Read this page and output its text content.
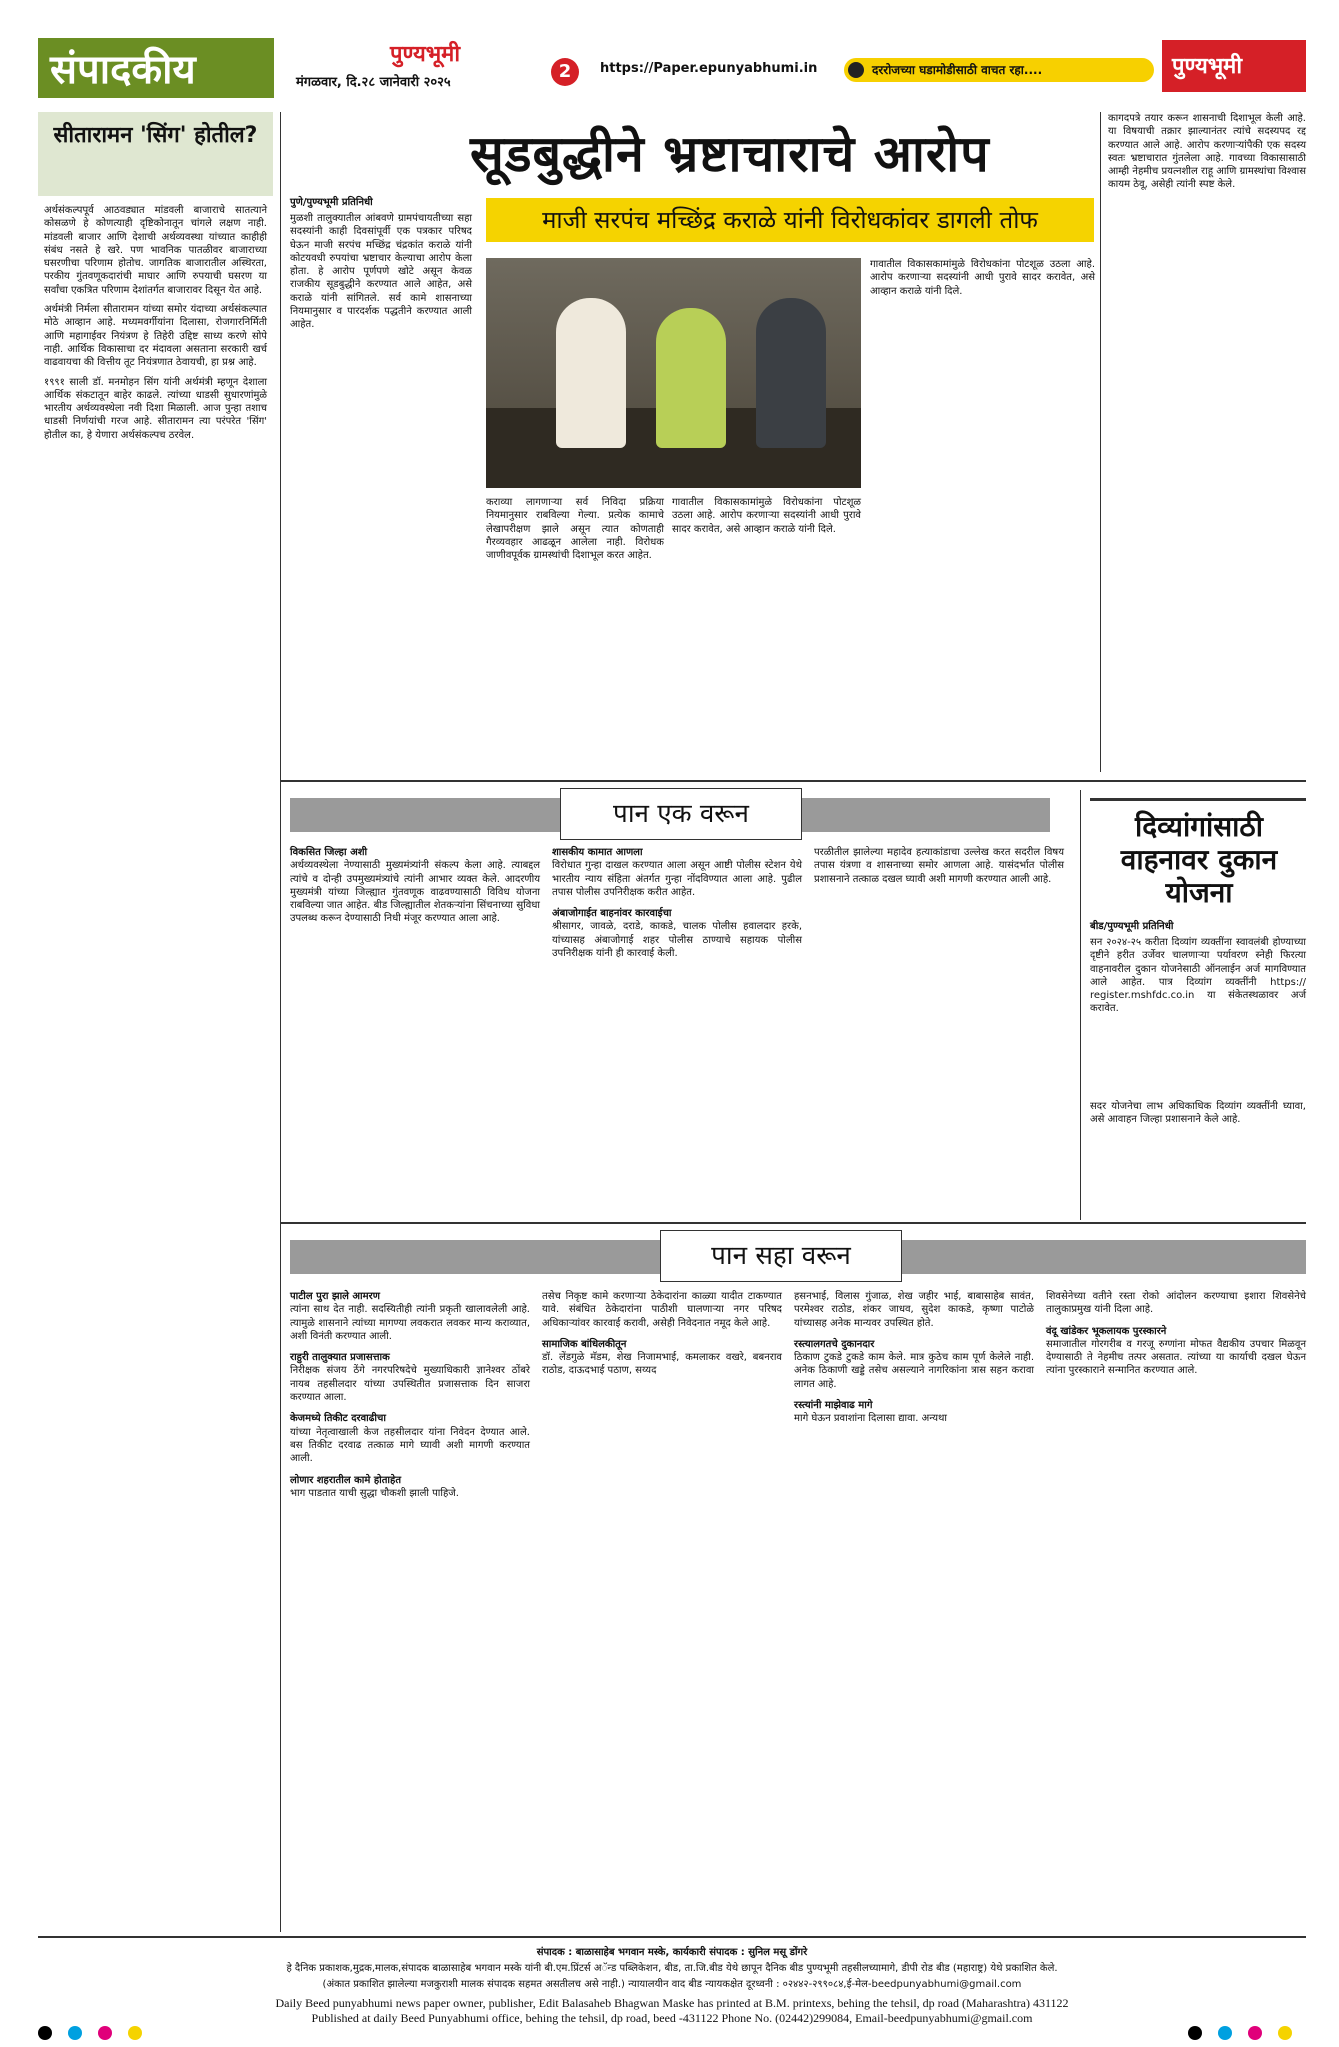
संपादकीय	पुण्यभूमी
मंगळवार, दि.२८ जानेवारी २०२५
2	https://Paper.epunyabhumi.in	दररोजच्या घडामोडीसाठी वाचत रहा....	पुण्यभूमी
सीतारामन 'सिंग' होतील?

अर्थसंकल्पपूर्व आठवड्यात मांडवली बाजाराचे सातत्याने कोसळणे हे कोणत्याही दृष्टिकोनातून चांगले लक्षण नाही. मांडवली बाजार आणि देशाची अर्थव्यवस्था यांच्यात काहीही संबंध नसते हे खरे. पण भावनिक पातळीवर बाजाराच्या घसरणीचा परिणाम होतोच. जागतिक बाजारातील अस्थिरता, परकीय गुंतवणूकदारांची माघार आणि रुपयाची घसरण या सर्वांचा एकत्रित परिणाम देशांतर्गत बाजारावर दिसून येत आहे.

अर्थमंत्री निर्मला सीतारामन यांच्या समोर यंदाच्या अर्थसंकल्पात मोठे आव्हान आहे. मध्यमवर्गीयांना दिलासा, रोजगारनिर्मिती आणि महागाईवर नियंत्रण हे तिहेरी उद्दिष्ट साध्य करणे सोपे नाही. आर्थिक विकासाचा दर मंदावला असताना सरकारी खर्च वाढवायचा की वित्तीय तूट नियंत्रणात ठेवायची, हा प्रश्न आहे.

१९९१ साली डॉ. मनमोहन सिंग यांनी अर्थमंत्री म्हणून देशाला आर्थिक संकटातून बाहेर काढले. त्यांच्या धाडसी सुधारणांमुळे भारतीय अर्थव्यवस्थेला नवी दिशा मिळाली. आज पुन्हा तशाच धाडसी निर्णयांची गरज आहे. सीतारामन त्या परंपरेत 'सिंग' होतील का, हे येणारा अर्थसंकल्पच ठरवेल.

सूडबुद्धीने भ्रष्टाचाराचे आरोप
माजी सरपंच मच्छिंद्र कराळे यांनी विरोधकांवर डागली तोफ
पुणे/पुण्यभूमी प्रतिनिधी
मुळशी तालुक्यातील आंबवणे ग्रामपंचायतीच्या सहा सदस्यांनी काही दिवसांपूर्वी एक पत्रकार परिषद घेऊन माजी सरपंच मच्छिंद्र चंद्रकांत कराळे यांनी कोटयवधी रुपयांचा भ्रष्टाचार केल्याचा आरोप केला होता. हे आरोप पूर्णपणे खोटे असून केवळ राजकीय सूडबुद्धीने करण्यात आले आहेत, असे कराळे यांनी सांगितले. सर्व कामे शासनाच्या नियमानुसार व पारदर्शक पद्धतीने करण्यात आली आहेत.
कराव्या लागणाऱ्या सर्व निविदा प्रक्रिया नियमानुसार राबविल्या गेल्या. प्रत्येक कामाचे लेखापरीक्षण झाले असून त्यात कोणताही गैरव्यवहार आढळून आलेला नाही. विरोधक जाणीवपूर्वक ग्रामस्थांची दिशाभूल करत आहेत.
गावातील विकासकामांमुळे विरोधकांना पोटशूळ उठला आहे. आरोप करणाऱ्या सदस्यांनी आधी पुरावे सादर करावेत, असे आव्हान कराळे यांनी दिले.
गावातील विकासकामांमुळे विरोधकांना पोटशूळ उठला आहे. आरोप करणाऱ्या सदस्यांनी आधी पुरावे सादर करावेत, असे आव्हान कराळे यांनी दिले.
कागदपत्रे तयार करून शासनाची दिशाभूल केली आहे. या विषयाची तक्रार झाल्यानंतर त्यांचे सदस्यपद रद्द करण्यात आले आहे. आरोप करणाऱ्यांपैकी एक सदस्य स्वतः भ्रष्टाचारात गुंतलेला आहे. गावच्या विकासासाठी आम्ही नेहमीच प्रयत्नशील राहू आणि ग्रामस्थांचा विश्वास कायम ठेवू, असेही त्यांनी स्पष्ट केले.
पान एक वरून
विकसित जिल्हा अशी
अर्थव्यवस्थेला नेण्यासाठी मुख्यमंत्र्यांनी संकल्प केला आहे. त्याबद्दल त्यांचे व दोन्ही उपमुख्यमंत्र्यांचे त्यांनी आभार व्यक्त केले. आदरणीय मुख्यमंत्री यांच्या जिल्ह्यात गुंतवणूक वाढवण्यासाठी विविध योजना राबविल्या जात आहेत. बीड जिल्ह्यातील शेतकऱ्यांना सिंचनाच्या सुविधा उपलब्ध करून देण्यासाठी निधी मंजूर करण्यात आला आहे.
शासकीय कामात आणला
विरोधात गुन्हा दाखल करण्यात आला असून आष्टी पोलीस स्टेशन येथे भारतीय न्याय संहिता अंतर्गत गुन्हा नोंदविण्यात आला आहे. पुढील तपास पोलीस उपनिरीक्षक करीत आहेत.
अंबाजोगाईत बाहनांवर कारवाईचा
श्रीसागर, जावळे, दराडे, काकडे, चालक पोलीस हवालदार हरके, यांच्यासह अंबाजोगाई शहर पोलीस ठाण्याचे सहायक पोलीस उपनिरीक्षक यांनी ही कारवाई केली.
परळीतील झालेल्या महादेव हत्याकांडाचा उल्लेख करत सदरील विषय तपास यंत्रणा व शासनाच्या समोर आणला आहे. यासंदर्भात पोलीस प्रशासनाने तत्काळ दखल घ्यावी अशी मागणी करण्यात आली आहे.
दिव्यांगांसाठी वाहनावर दुकान योजना
बीड/पुण्यभूमी प्रतिनिधी
सन २०२४-२५ करीता दिव्यांग व्यक्तींना स्वावलंबी होण्याच्या दृष्टीने हरीत उर्जेवर चालणाऱ्या पर्यावरण स्नेही फिरत्या वाहनावरील दुकान योजनेसाठी ऑनलाईन अर्ज मागविण्यात आले आहेत. पात्र दिव्यांग व्यक्तींनी https:// register.mshfdc.co.in या संकेतस्थळावर अर्ज करावेत.
सदर योजनेचा लाभ अधिकाधिक दिव्यांग व्यक्तींनी घ्यावा, असे आवाहन जिल्हा प्रशासनाने केले आहे.
पान सहा वरून
पाटील पुरा झाले आमरण
त्यांना साथ देत नाही. सदस्यितीही त्यांनी प्रकृती खालावलेली आहे. त्यामुळे शासनाने त्यांच्या मागण्या लवकरात लवकर मान्य कराव्यात, अशी विनंती करण्यात आली.
राहुरी तालुक्यात प्रजासत्ताक
निरीक्षक संजय ठेंगे नगरपरिषदेचे मुख्याधिकारी ज्ञानेश्वर ठोंबरे नायब तहसीलदार यांच्या उपस्थितीत प्रजासत्ताक दिन साजरा करण्यात आला.
केजमध्ये तिकीट दरवाढीचा
यांच्या नेतृत्वाखाली केज तहसीलदार यांना निवेदन देण्यात आले. बस तिकीट दरवाढ तत्काळ मागे घ्यावी अशी मागणी करण्यात आली.
लोणार शहरातील कामे होताहेत
भाग पाडतात याची सुद्धा चौकशी झाली पाहिजे.
तसेच निकृष्ट कामे करणाऱ्या ठेकेदारांना काळ्या यादीत टाकण्यात यावे. संबंधित ठेकेदारांना पाठीशी घालणाऱ्या नगर परिषद अधिकाऱ्यांवर कारवाई करावी, असेही निवेदनात नमूद केले आहे.
सामाजिक बांधिलकीतून
डॉ. लेंडगुळे मॅडम, शेख निजामभाई, कमलाकर वखरे, बबनराव राठोड, दाऊदभाई पठाण, सय्यद
हसनभाई, विलास गुंजाळ, शेख जहीर भाई, बाबासाहेब सावंत, परमेश्वर राठोड, शंकर जाधव, सुदेश काकडे, कृष्णा पाटोळे यांच्यासह अनेक मान्यवर उपस्थित होते.
रस्त्यालगतचे दुकानदार
ठिकाण टुकडे टुकडे काम केले. मात्र कुठेच काम पूर्ण केलेले नाही. अनेक ठिकाणी खड्डे तसेच असल्याने नागरिकांना त्रास सहन करावा लागत आहे.
रस्त्यांनी माझेवाढ मागे
मागे घेऊन प्रवाशांना दिलासा द्यावा. अन्यथा
शिवसेनेच्या वतीने रस्ता रोको आंदोलन करण्याचा इशारा शिवसेनेचे तालुकाप्रमुख यांनी दिला आहे.
वंदू खांडेकर भूकलायक पुरस्कारने
समाजातील गोरगरीब व गरजू रुग्णांना मोफत वैद्यकीय उपचार मिळवून देण्यासाठी ते नेहमीच तत्पर असतात. त्यांच्या या कार्याची दखल घेऊन त्यांना पुरस्काराने सन्मानित करण्यात आले.
संपादक : बाळासाहेब भगवान मस्के, कार्यकारी संपादक : सुनिल मसू डोंगरे
हे दैनिक प्रकाशक,मुद्रक,मालक,संपादक बाळासाहेब भगवान मस्के यांनी बी.एम.प्रिंटर्स अॅन्ड पब्लिकेशन, बीड, ता.जि.बीड येथे छापून दैनिक बीड पुण्यभूमी तहसीलच्यामागे, डीपी रोड बीड (महाराष्ट्र) येथे प्रकाशित केले.
(अंकात प्रकाशित झालेल्या मजकुराशी मालक संपादक सहमत असतीलच असे नाही.) न्यायालयीन वाद बीड न्यायकक्षेत दूरध्वनी : ०२४४२-२९९०८४,ई-मेल-beedpunyabhumi@gmail.com
Daily Beed punyabhumi news paper owner, publisher, Edit Balasaheb Bhagwan Maske has printed at B.M. printexs, behing the tehsil, dp road (Maharashtra) 431122
Published at daily Beed Punyabhumi office, behing the tehsil, dp road, beed -431122 Phone No. (02442)299084, Email-beedpunyabhumi@gmail.com
